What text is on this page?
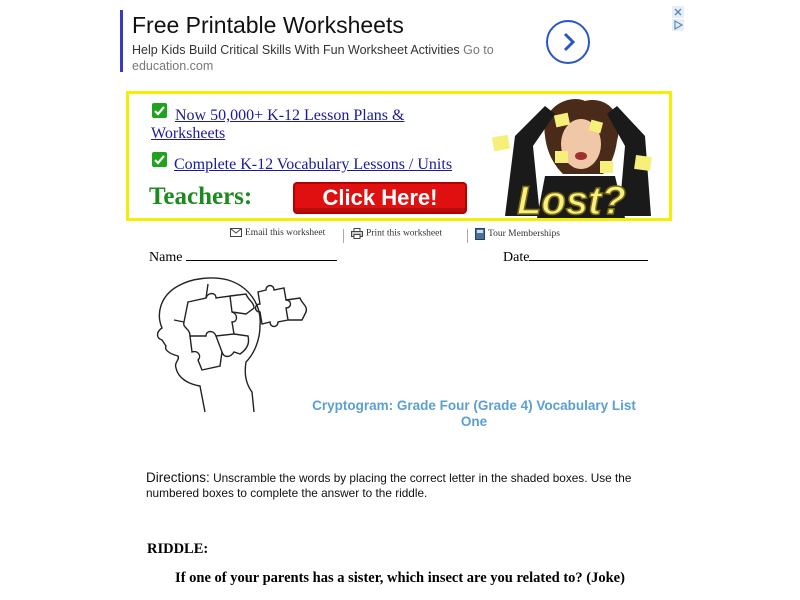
Free Printable Worksheets
Help Kids Build Critical Skills With Fun Worksheet Activities Go to education.com
Now 50,000+ K-12 Lesson Plans &
Worksheets
Complete K-12 Vocabulary Lessons / Units
Teachers:	Click Here!	Lost?
Email this worksheet	Print this worksheet	Tour Memberships
Name	Date
Cryptogram: Grade Four (Grade 4) Vocabulary List One
Directions: Unscramble the words by placing the correct letter in the shaded boxes. Use the numbered boxes to complete the answer to the riddle.
RIDDLE:
If one of your parents has a sister, which insect are you related to? (Joke)
